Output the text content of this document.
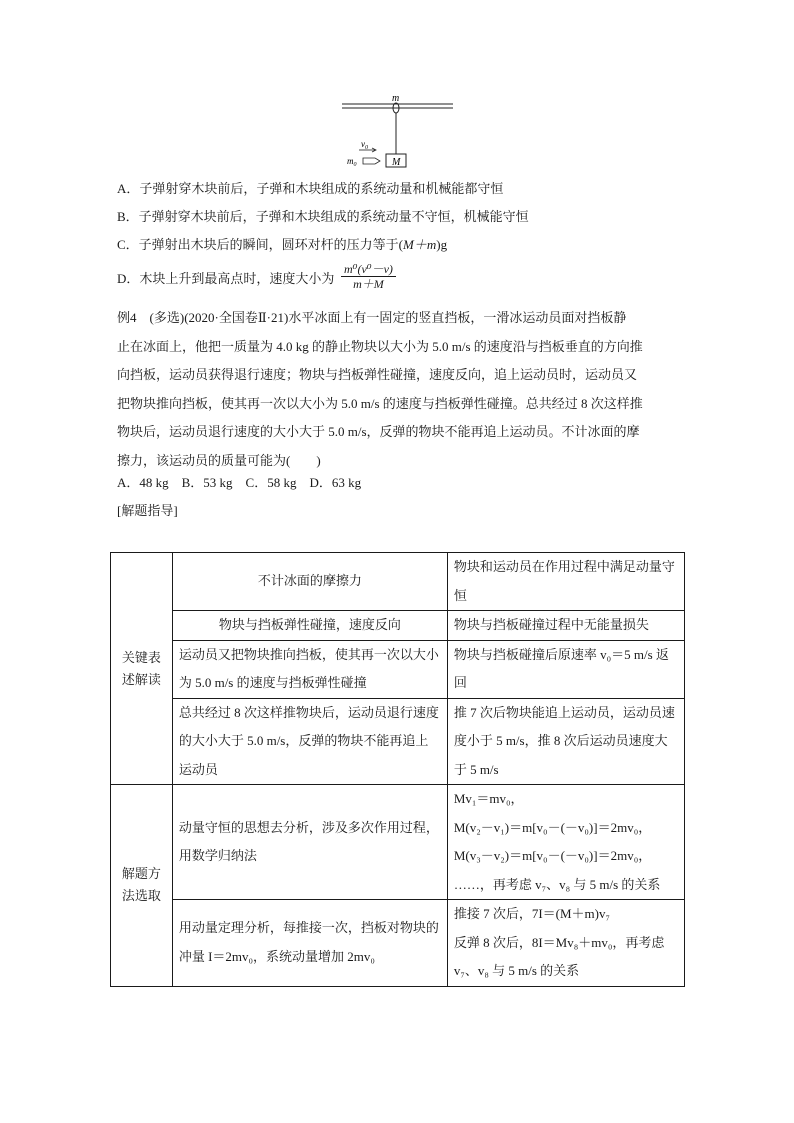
M
m
$v_0$
$m_0$
A．子弹射穿木块前后，子弹和木块组成的系统动量和机械能都守恒
B．子弹射穿木块前后，子弹和木块组成的系统动量不守恒，机械能守恒
C．子弹射出木块后的瞬间，圆环对杆的压力等于(M＋m)g
D．木块上升到最高点时，速度大小为 $\frac{\text{m⁰(v⁰－v)}}{m+M}$
例4　 (多选)(2020·全国卷Ⅱ·21)水平冰面上有一固定的竖直挡板，一滑冰运动员面对挡板静
止在冰面上，他把一质量为 4.0 kg 的静止物块以大小为 5.0 m/s 的速度沿与挡板垂直的方向推
向挡板，运动员获得退行速度；物块与挡板弹性碰撞，速度反向，追上运动员时，运动员又
把物块推向挡板，使其再一次以大小为 5.0 m/s 的速度与挡板弹性碰撞。总共经过 8 次这样推
物块后，运动员退行速度的大小大于 5.0 m/s，反弹的物块不能再追上运动员。不计冰面的摩
擦力，该运动员的质量可能为(　　)
A．48 kg　B．53 kg　C．58 kg　D．63 kg
[解题指导]
关键表述解读	不计冰面的摩擦力	物块和运动员在作用过程中满足动量守恒
	物块与挡板弹性碰撞，速度反向	物块与挡板碰撞过程中无能量损失
	运动员又把物块推向挡板，使其再一次以大小为 5.0 m/s 的速度与挡板弹性碰撞	物块与挡板碰撞后原速率 v₀＝5 m/s 返回
	总共经过 8 次这样推物块后，运动员退行速度的大小大于 5.0 m/s，反弹的物块不能再追上运动员	推 7 次后物块能追上运动员，运动员速度小于 5 m/s，推 8 次后运动员速度大于 5 m/s
解题方法选取	动量守恒的思想去分析，涉及多次作用过程，用数学归纳法	Mv₁＝mv₀，
M(v₂－v₁)＝m[v₀－(－v₀)]＝2mv₀，
M(v₃－v₂)＝m[v₀－(－v₀)]＝2mv₀，
……，再考虑 v₇、v₈ 与 5 m/s 的关系

	用动量定理分析，每推接一次，挡板对物块的冲量 I＝2mv₀，系统动量增加 2mv₀	推接 7 次后，7I＝(M＋m)v₇
反弹 8 次后，8I＝Mv₈＋mv₀，再考虑
v₇、v₈ 与 5 m/s 的关系
